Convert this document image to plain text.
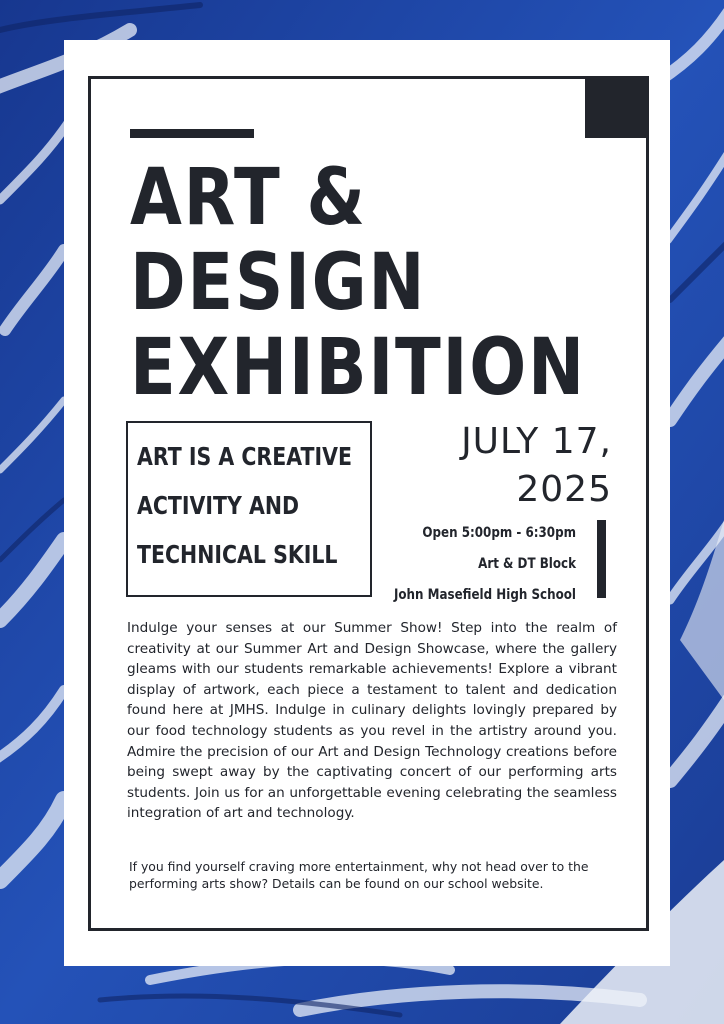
ART &
DESIGN
EXHIBITION
ART IS A CREATIVE
ACTIVITY AND
TECHNICAL SKILL
JULY 17,
2025
Open 5:00pm - 6:30pm
Art & DT Block
John Masefield High School
Indulge your senses at our Summer Show! Step into the realm of creativity at our Summer Art and Design Showcase, where the gallery gleams with our students remarkable achievements! Explore a vibrant display of artwork, each piece a testament to talent and dedication found here at JMHS. Indulge in culinary delights lovingly prepared by our food technology students as you revel in the artistry around you. Admire the precision of our Art and Design Technology creations before being swept away by the captivating concert of our performing arts students. Join us for an unforgettable evening celebrating the seamless integration of art and technology.
If you find yourself craving more entertainment, why not head over to the performing arts show? Details can be found on our school website.
